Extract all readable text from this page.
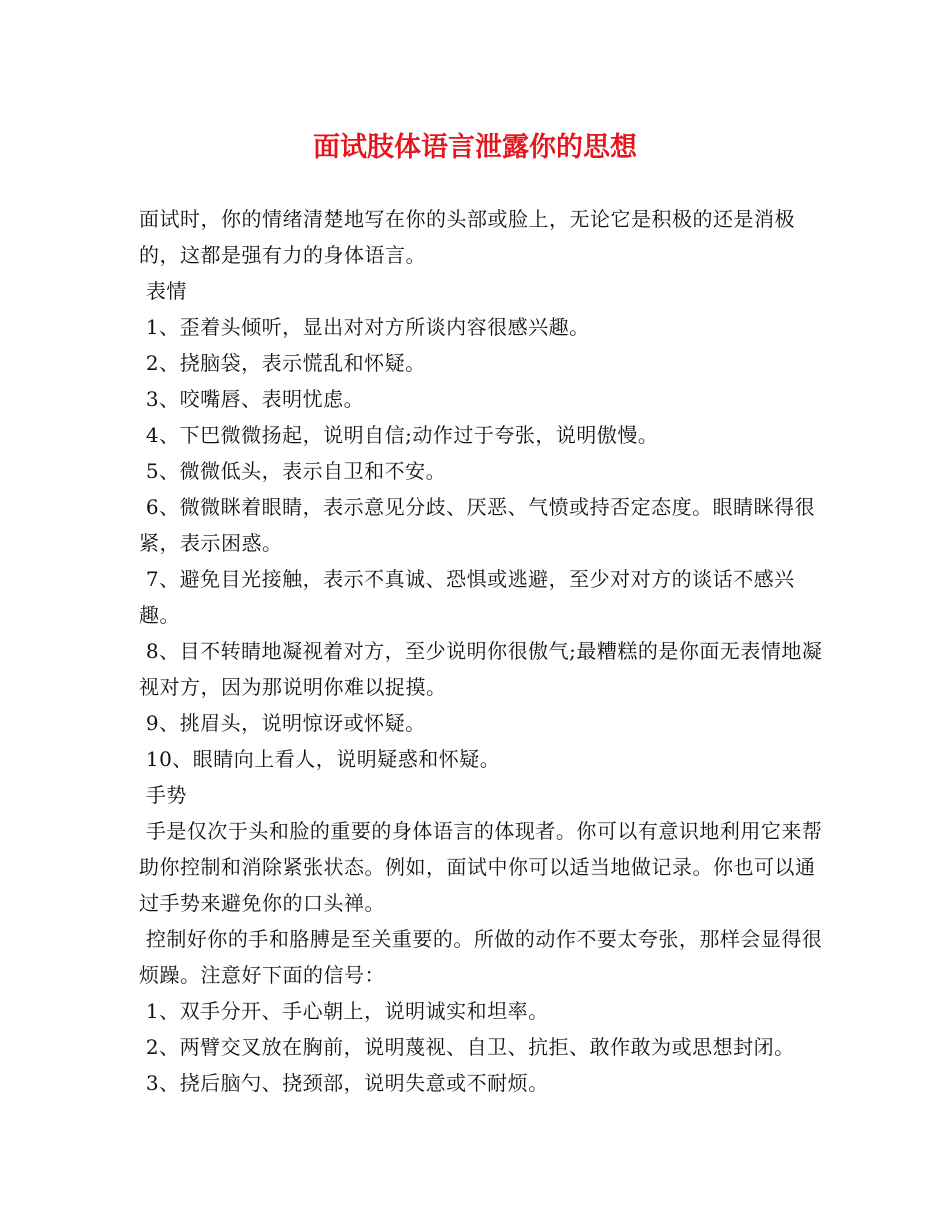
面试肢体语言泄露你的思想

面试时，你的情绪清楚地写在你的头部或脸上，无论它是积极的还是消极的，这都是强有力的身体语言。

表情

1、歪着头倾听，显出对对方所谈内容很感兴趣。

2、挠脑袋，表示慌乱和怀疑。

3、咬嘴唇、表明忧虑。

4、下巴微微扬起，说明自信;动作过于夸张，说明傲慢。

5、微微低头，表示自卫和不安。

6、微微眯着眼睛，表示意见分歧、厌恶、气愤或持否定态度。眼睛眯得很紧，表示困惑。

7、避免目光接触，表示不真诚、恐惧或逃避，至少对对方的谈话不感兴趣。

8、目不转睛地凝视着对方，至少说明你很傲气;最糟糕的是你面无表情地凝视对方，因为那说明你难以捉摸。

9、挑眉头，说明惊讶或怀疑。

10、眼睛向上看人，说明疑惑和怀疑。

手势

手是仅次于头和脸的重要的身体语言的体现者。你可以有意识地利用它来帮助你控制和消除紧张状态。例如，面试中你可以适当地做记录。你也可以通过手势来避免你的口头禅。

控制好你的手和胳膊是至关重要的。所做的动作不要太夸张，那样会显得很烦躁。注意好下面的信号：

1、双手分开、手心朝上，说明诚实和坦率。

2、两臂交叉放在胸前，说明蔑视、自卫、抗拒、敢作敢为或思想封闭。

3、挠后脑勺、挠颈部，说明失意或不耐烦。
